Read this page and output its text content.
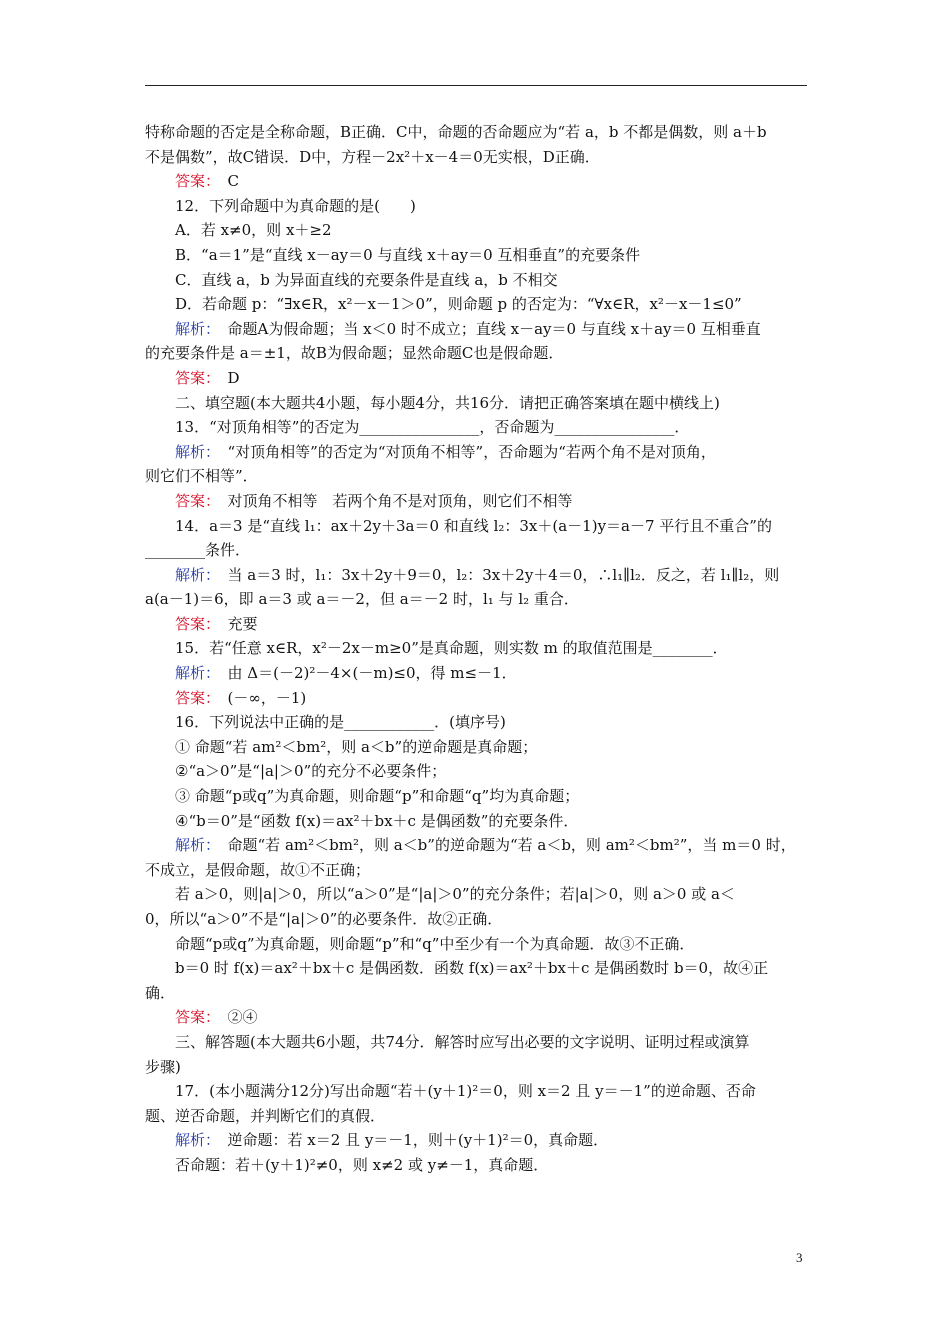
特称命题的否定是全称命题，B正确．C中，命题的否命题应为“若 a，b 不都是偶数，则 a＋b
不是偶数”，故C错误．D中，方程－2x²＋x－4＝0无实根，D正确．
答案：　C
12．下列命题中为真命题的是(　　)
A．若 x≠0，则 x＋≥2
B．“a＝1”是“直线 x－ay＝0 与直线 x＋ay＝0 互相垂直”的充要条件
C．直线 a，b 为异面直线的充要条件是直线 a，b 不相交
D．若命题 p：“∃x∈R，x²－x－1＞0”，则命题 p 的否定为：“∀x∈R，x²－x－1≤0”
解析：　命题A为假命题；当 x＜0 时不成立；直线 x－ay＝0 与直线 x＋ay＝0 互相垂直
的充要条件是 a＝±1，故B为假命题；显然命题C也是假命题．
答案：　D
二、填空题(本大题共4小题，每小题4分，共16分．请把正确答案填在题中横线上)
13．“对顶角相等”的否定为________________，否命题为________________．
解析：　“对顶角相等”的否定为“对顶角不相等”，否命题为“若两个角不是对顶角，
则它们不相等”．
答案：　对顶角不相等　若两个角不是对顶角，则它们不相等
14．a＝3 是“直线 l₁：ax＋2y＋3a＝0 和直线 l₂：3x＋(a－1)y＝a－7 平行且不重合”的
________条件．
解析：　当 a＝3 时，l₁：3x＋2y＋9＝0，l₂：3x＋2y＋4＝0，∴l₁∥l₂．反之，若 l₁∥l₂，则
a(a－1)＝6，即 a＝3 或 a＝－2，但 a＝－2 时，l₁ 与 l₂ 重合．
答案：　充要
15．若“任意 x∈R，x²－2x－m≥0”是真命题，则实数 m 的取值范围是________．
解析：　由 Δ＝(－2)²－4×(－m)≤0，得 m≤－1．
答案：　(－∞，－1)
16．下列说法中正确的是____________．(填序号)
① 命题“若 am²＜bm²，则 a＜b”的逆命题是真命题；
②“a＞0”是“|a|＞0”的充分不必要条件；
③ 命题“p或q”为真命题，则命题“p”和命题“q”均为真命题；
④“b＝0”是“函数 f(x)＝ax²＋bx＋c 是偶函数”的充要条件．
解析：　命题“若 am²＜bm²，则 a＜b”的逆命题为“若 a＜b，则 am²＜bm²”，当 m＝0 时，
不成立，是假命题，故①不正确；
若 a＞0，则|a|＞0，所以“a＞0”是“|a|＞0”的充分条件；若|a|＞0，则 a＞0 或 a＜
0，所以“a＞0”不是“|a|＞0”的必要条件．故②正确．
命题“p或q”为真命题，则命题“p”和“q”中至少有一个为真命题．故③不正确．
b＝0 时 f(x)＝ax²＋bx＋c 是偶函数．函数 f(x)＝ax²＋bx＋c 是偶函数时 b＝0，故④正
确．
答案：　②④
三、解答题(本大题共6小题，共74分．解答时应写出必要的文字说明、证明过程或演算
步骤)
17．(本小题满分12分)写出命题“若＋(y＋1)²＝0，则 x＝2 且 y＝－1”的逆命题、否命
题、逆否命题，并判断它们的真假．
解析：　逆命题：若 x＝2 且 y＝－1，则＋(y＋1)²＝0，真命题．
否命题：若＋(y＋1)²≠0，则 x≠2 或 y≠－1，真命题．
3
